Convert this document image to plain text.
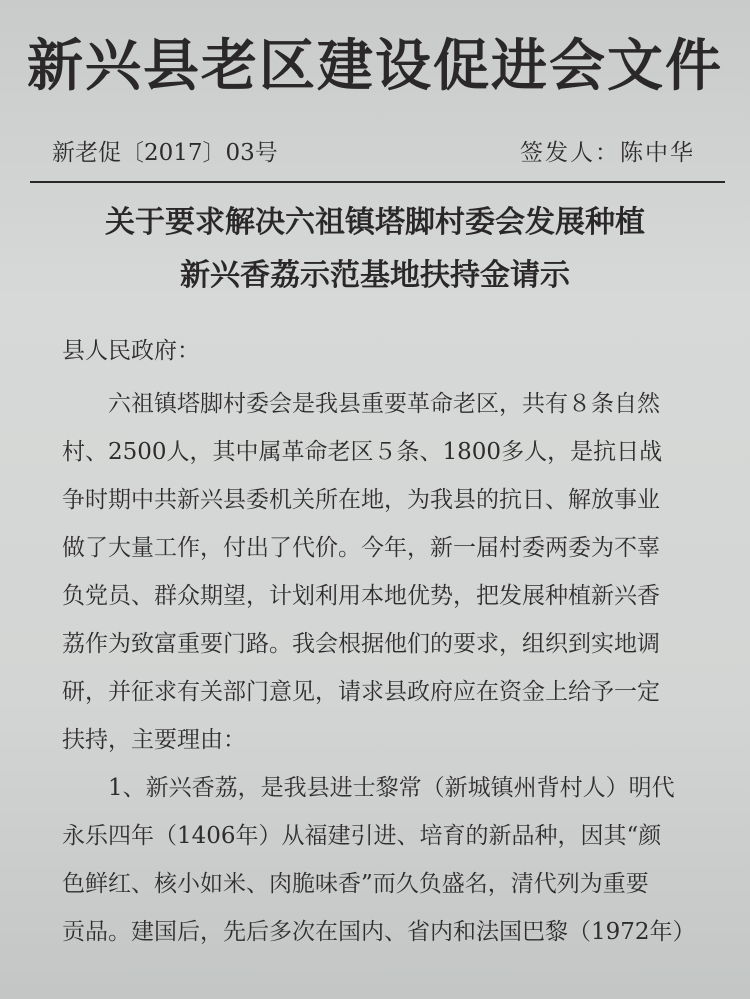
新兴县老区建设促进会文件
新老促〔2017〕03号	签发人：陈中华
关于要求解决六祖镇塔脚村委会发展种植
新兴香荔示范基地扶持金请示
县人民政府：
　　六祖镇塔脚村委会是我县重要革命老区，共有８条自然
村、2500人，其中属革命老区５条、1800多人，是抗日战
争时期中共新兴县委机关所在地，为我县的抗日、解放事业
做了大量工作，付出了代价。今年，新一届村委两委为不辜
负党员、群众期望，计划利用本地优势，把发展种植新兴香
荔作为致富重要门路。我会根据他们的要求，组织到实地调
研，并征求有关部门意见，请求县政府应在资金上给予一定
扶持，主要理由：
　　1、新兴香荔，是我县进士黎常（新城镇州背村人）明代
永乐四年（1406年）从福建引进、培育的新品种，因其“颜
色鲜红、核小如米、肉脆味香”而久负盛名，清代列为重要
贡品。建国后，先后多次在国内、省内和法国巴黎（1972年）
